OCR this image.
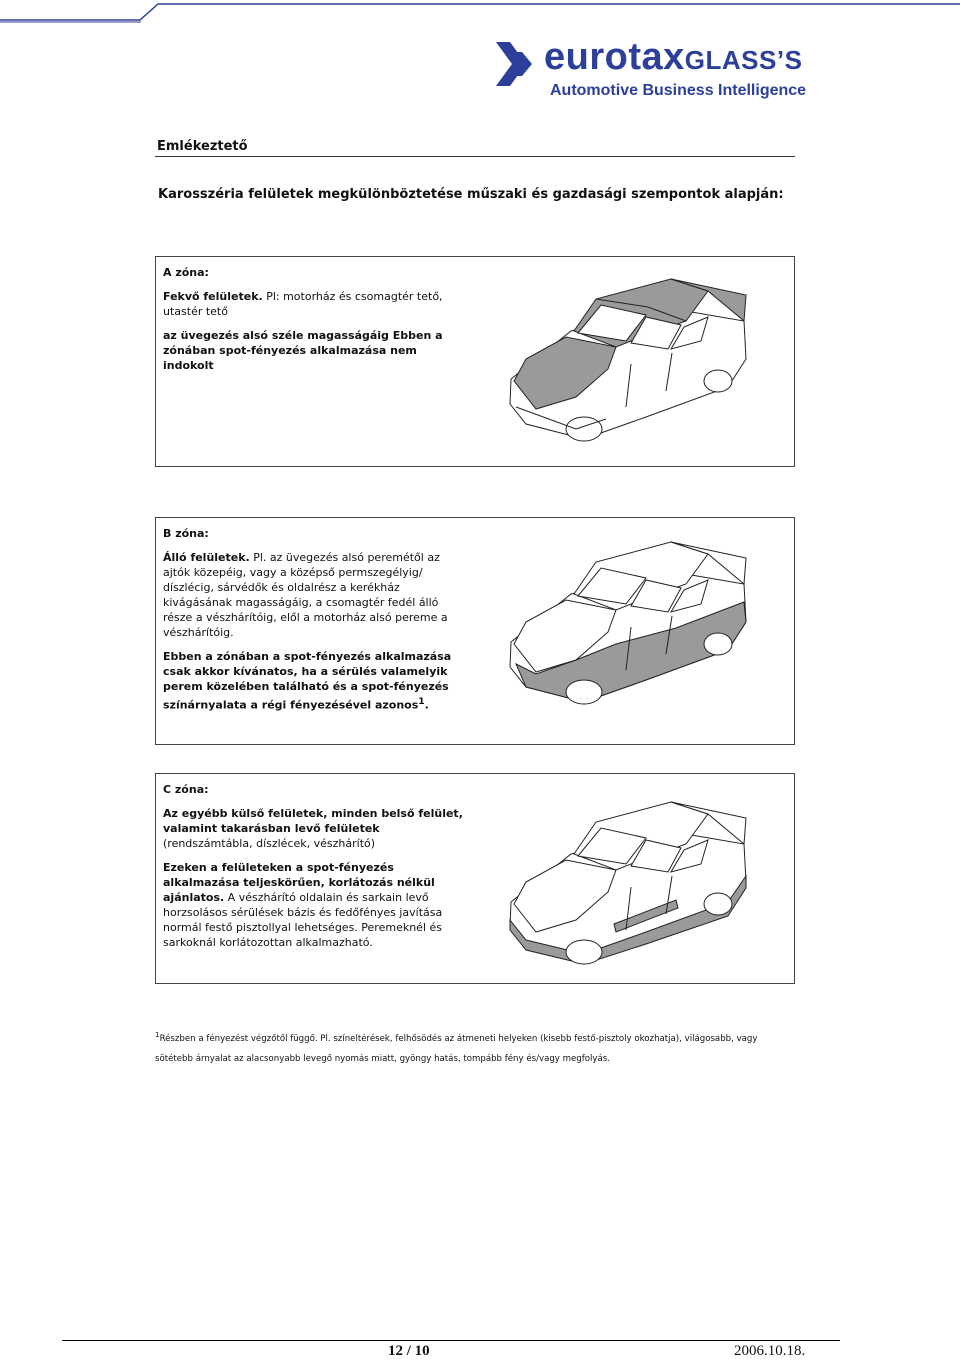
eurotaxGLASS’S
Automotive Business Intelligence
Emlékeztető
Karosszéria felületek megkülönböztetése műszaki és gazdasági szempontok alapján:
A zóna:

Fekvő felületek. Pl: motorház és csomagtér tető, utastér tető

az üvegezés alsó széle magasságáig Ebben a zónában spot-fényezés alkalmazása nem indokolt

B zóna:

Álló felületek. Pl. az üvegezés alsó peremétől az ajtók közepéig, vagy a középső permszegélyig/ díszlécig, sárvédők és oldalrész a kerékház kivágásának magasságáig, a csomagtér fedél álló része a vészhárítóig, elől a motorház alsó pereme a vészhárítóig.

Ebben a zónában a spot-fényezés alkalmazása csak akkor kívánatos, ha a sérülés valamelyik perem közelében található és a spot-fényezés színárnyalata a régi fényezésével azonos$^1$.

C zóna:

Az egyébb külső felületek, minden belső felület, valamint takarásban levő felületek (rendszámtábla, díszlécek, vészhárító)

Ezeken a felületeken a spot-fényezés alkalmazása teljeskörűen, korlátozás nélkül ajánlatos. A vészhárító oldalain és sarkain levő horzsolásos sérülések bázis és fedőfényes javítása normál festő pisztollyal lehetséges. Peremeknél és sarkoknál korlátozottan alkalmazható.

$^1$Részben a fényezést végzőtől függő. Pl. színeltérések, felhősödés az átmeneti helyeken (kisebb festő-pisztoly okozhatja), világosabb, vagy sötétebb árnyalat az alacsonyabb levegő nyomás miatt, gyöngy hatás, tompább fény és/vagy megfolyás.
12 / 10	2006.10.18.
